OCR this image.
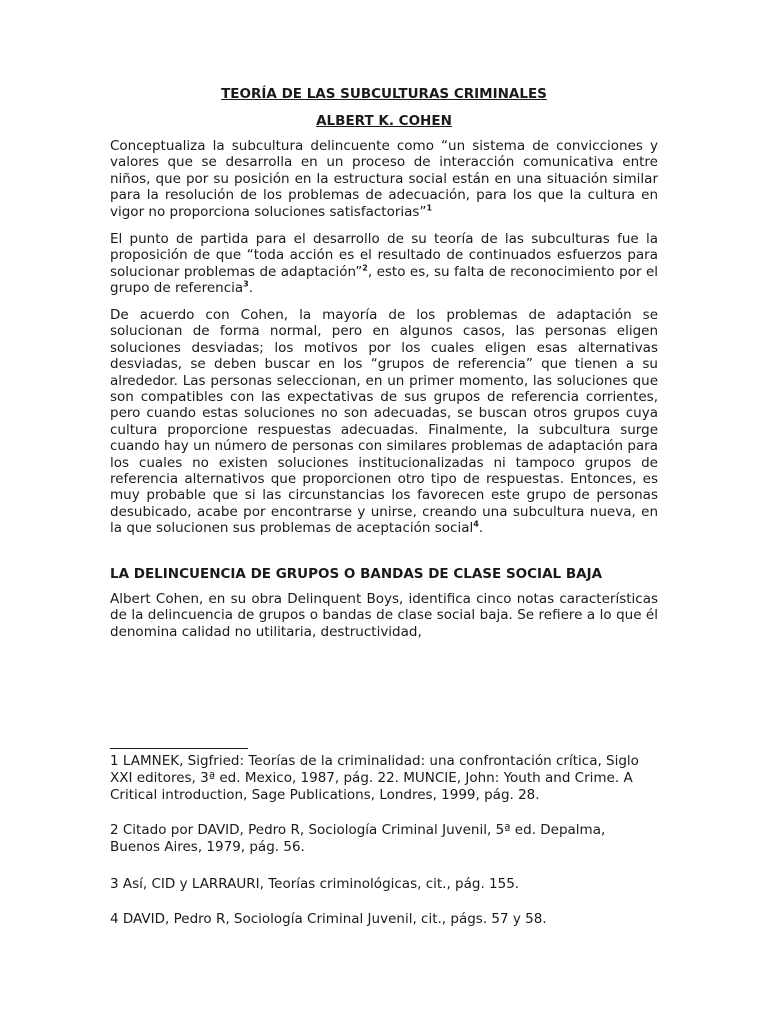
TEORÍA DE LAS SUBCULTURAS CRIMINALES
ALBERT K. COHEN

Conceptualiza la subcultura delincuente como “un sistema de convicciones y valores que se desarrolla en un proceso de interacción comunicativa entre niños, que por su posición en la estructura social están en una situación similar para la resolución de los problemas de adecuación, para los que la cultura en vigor no proporciona soluciones satisfactorias”$^1$

El punto de partida para el desarrollo de su teoría de las subculturas fue la proposición de que “toda acción es el resultado de continuados esfuerzos para solucionar problemas de adaptación”$^2$, esto es, su falta de reconocimiento por el grupo de referencia$^3$.

De acuerdo con Cohen, la mayoría de los problemas de adaptación se solucionan de forma normal, pero en algunos casos, las personas eligen soluciones desviadas; los motivos por los cuales eligen esas alternativas desviadas, se deben buscar en los “grupos de referencia” que tienen a su alrededor. Las personas seleccionan, en un primer momento, las soluciones que son compatibles con las expectativas de sus grupos de referencia corrientes, pero cuando estas soluciones no son adecuadas, se buscan otros grupos cuya cultura proporcione respuestas adecuadas. Finalmente, la subcultura surge cuando hay un número de personas con similares problemas de adaptación para los cuales no existen soluciones institucionalizadas ni tampoco grupos de referencia alternativos que proporcionen otro tipo de respuestas. Entonces, es muy probable que si las circunstancias los favorecen este grupo de personas desubicado, acabe por encontrarse y unirse, creando una subcultura nueva, en la que solucionen sus problemas de aceptación social$^4$.

LA DELINCUENCIA DE GRUPOS O BANDAS DE CLASE SOCIAL BAJA

Albert Cohen, en su obra Delinquent Boys, identifica cinco notas características de la delincuencia de grupos o bandas de clase social baja. Se refiere a lo que él denomina calidad no utilitaria, destructividad,

1 LAMNEK, Sigfried: Teorías de la criminalidad: una confrontación crítica, Siglo XXI editores, 3ª ed. Mexico, 1987, pág. 22. MUNCIE, John: Youth and Crime. A Critical introduction, Sage Publications, Londres, 1999, pág. 28.

2 Citado por DAVID, Pedro R, Sociología Criminal Juvenil, 5ª ed. Depalma, Buenos Aires, 1979, pág. 56.

3 Así, CID y LARRAURI, Teorías criminológicas, cit., pág. 155.

4 DAVID, Pedro R, Sociología Criminal Juvenil, cit., págs. 57 y 58.
